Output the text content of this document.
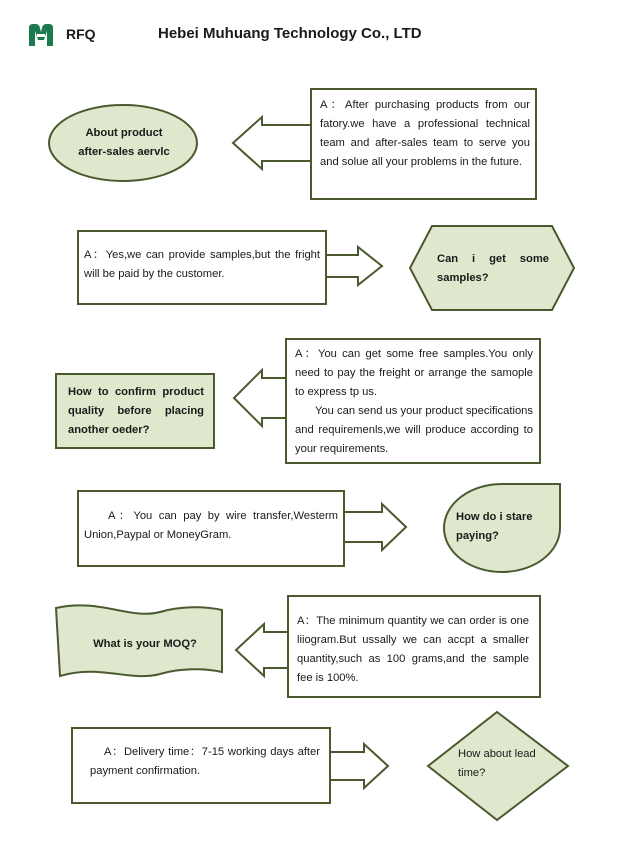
RFQ	Hebei Muhuang Technology Co., LTD
A：After purchasing products from our fatory.we have a professional technical team and after-sales team to serve you and solue all your problems in the future.
About product after-sales aervlc
A：Yes,we can provide samples,but the fright will be paid by the customer.
Can i get some samples?
A：You can get some free samples.You only need to pay the freight or arrange the samople to express tp us.
You can send us your product specifications and requiremenls,we will produce according to your requirements.
How to confirm product quality before placing another oeder?
A：You can pay by wire transfer,Westerm Union,Paypal or MoneyGram.
How do i stare paying?
A：The minimum quantity we can order is one liiogram.But ussally we can accpt a smaller quantity,such as 100 grams,and the sample fee is 100%.
What is your MOQ?
A：Delivery time：7-15 working days after payment confirmation.
How about lead time?
